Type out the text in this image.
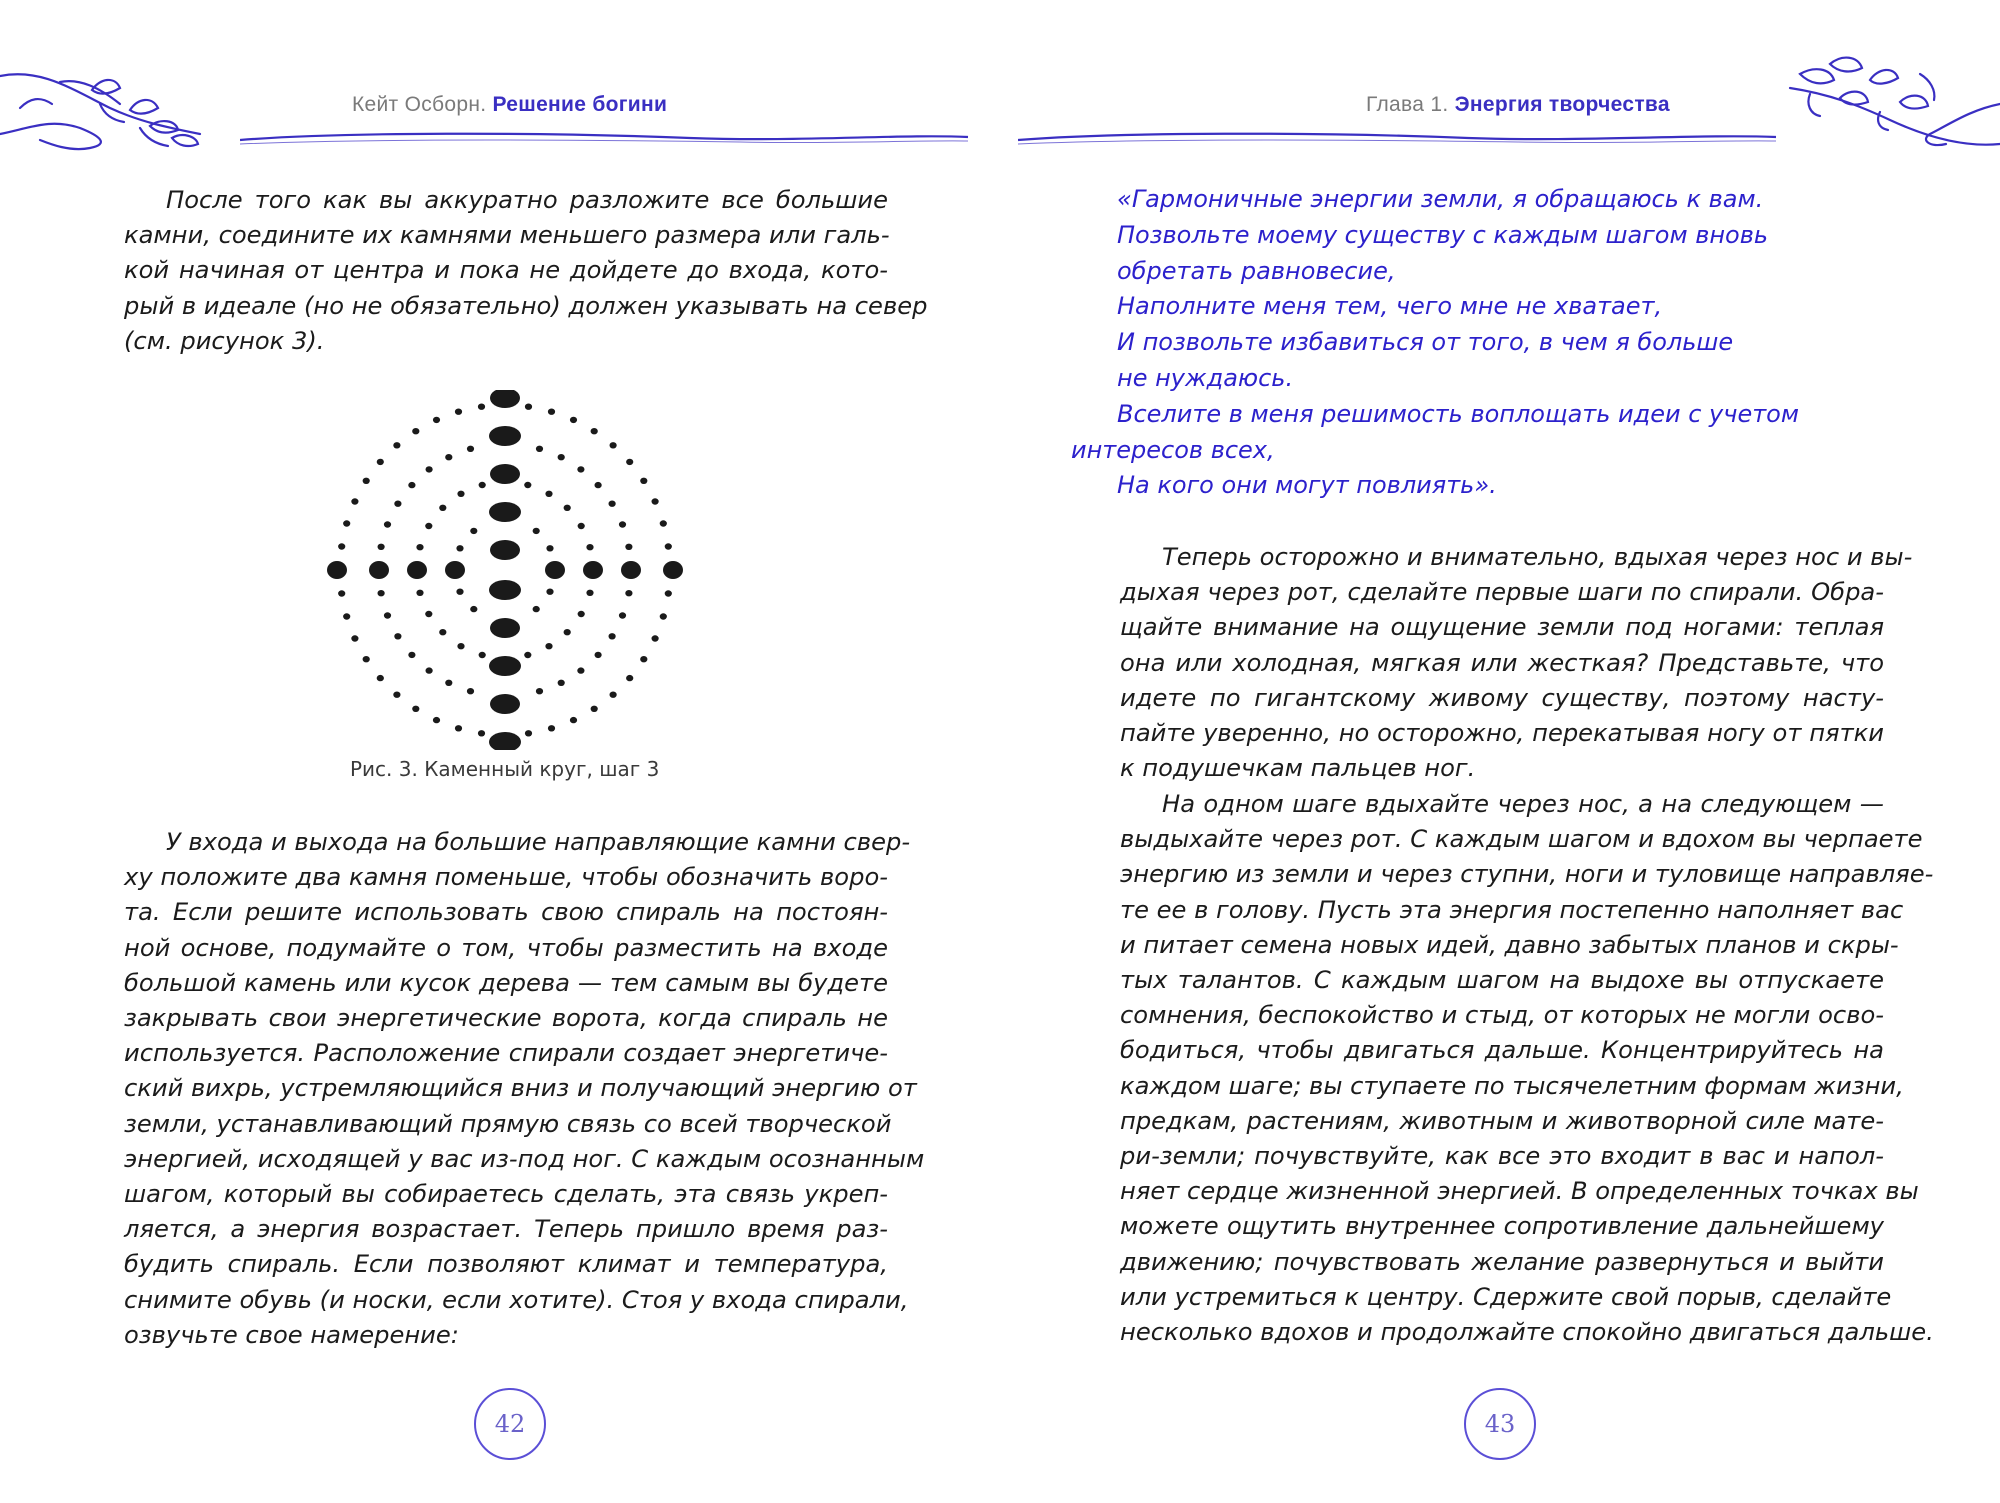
Кейт Осборн. Решение богини
После того как вы аккуратно разложите все большие
камни, соедините их камнями меньшего размера или галь-
кой начиная от центра и пока не дойдете до входа, кото-
рый в идеале (но не обязательно) должен указывать на север
(см. рисунок 3).
Рис. 3. Каменный круг, шаг 3
У входа и выхода на большие направляющие камни свер-
ху положите два камня поменьше, чтобы обозначить воро-
та. Если решите использовать свою спираль на постоян-
ной основе, подумайте о том, чтобы разместить на входе
большой камень или кусок дерева — тем самым вы будете
закрывать свои энергетические ворота, когда спираль не
используется. Расположение спирали создает энергетиче-
ский вихрь, устремляющийся вниз и получающий энергию от
земли, устанавливающий прямую связь со всей творческой
энергией, исходящей у вас из-под ног. С каждым осознанным
шагом, который вы собираетесь сделать, эта связь укреп-
ляется, а энергия возрастает. Теперь пришло время раз-
будить спираль. Если позволяют климат и температура,
снимите обувь (и носки, если хотите). Стоя у входа спирали,
озвучьте свое намерение:
42
Глава 1. Энергия творчества
43
«Гармоничные энергии земли, я обращаюсь к вам.
Позвольте моему существу с каждым шагом вновь
обретать равновесие,
Наполните меня тем, чего мне не хватает,
И позвольте избавиться от того, в чем я больше
не нуждаюсь.
Вселите в меня решимость воплощать идеи с учетом
интересов всех,
На кого они могут повлиять».
Теперь осторожно и внимательно, вдыхая через нос и вы-
дыхая через рот, сделайте первые шаги по спирали. Обра-
щайте внимание на ощущение земли под ногами: теплая
она или холодная, мягкая или жесткая? Представьте, что
идете по гигантскому живому существу, поэтому насту-
пайте уверенно, но осторожно, перекатывая ногу от пятки
к подушечкам пальцев ног.
На одном шаге вдыхайте через нос, а на следующем —
выдыхайте через рот. С каждым шагом и вдохом вы черпаете
энергию из земли и через ступни, ноги и туловище направляе-
те ее в голову. Пусть эта энергия постепенно наполняет вас
и питает семена новых идей, давно забытых планов и скры-
тых талантов. С каждым шагом на выдохе вы отпускаете
сомнения, беспокойство и стыд, от которых не могли осво-
бодиться, чтобы двигаться дальше. Концентрируйтесь на
каждом шаге; вы ступаете по тысячелетним формам жизни,
предкам, растениям, животным и животворной силе мате-
ри-земли; почувствуйте, как все это входит в вас и напол-
няет сердце жизненной энергией. В определенных точках вы
можете ощутить внутреннее сопротивление дальнейшему
движению; почувствовать желание развернуться и выйти
или устремиться к центру. Сдержите свой порыв, сделайте
несколько вдохов и продолжайте спокойно двигаться дальше.
